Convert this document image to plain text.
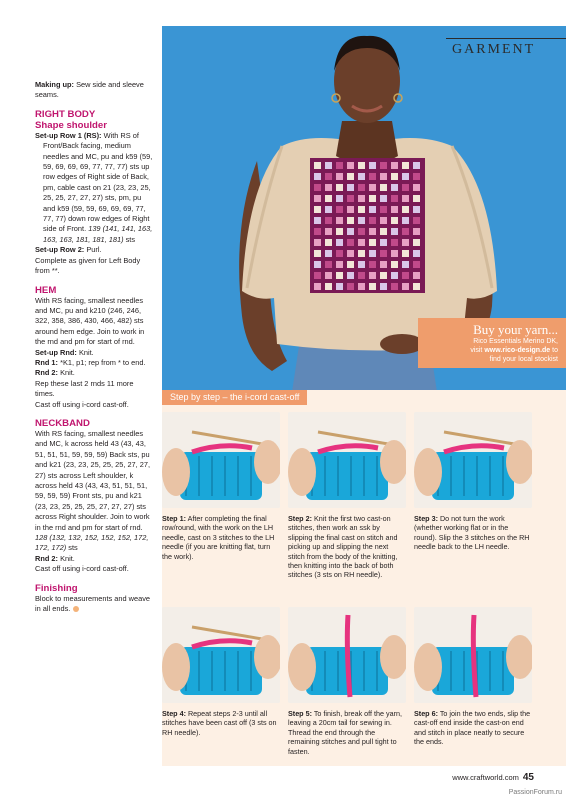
Making up: Sew side and sleeve seams.

RIGHT BODY

Shape shoulder

Set-up Row 1 (RS): With RS of Front/Back facing, medium needles and MC, pu and k59 (59, 59, 69, 69, 69, 77, 77, 77) sts up row edges of Right side of Back, pm, cable cast on 21 (23, 23, 25, 25, 25, 27, 27, 27) sts, pm, pu and k59 (59, 59, 69, 69, 69, 77, 77, 77) down row edges of Right side of Front. 139 (141, 141, 163, 163, 163, 181, 181, 181) sts

Set-up Row 2: Purl.

Complete as given for Left Body from **.

HEM

With RS facing, smallest needles and MC, pu and k210 (246, 246, 322, 358, 386, 430, 466, 482) sts around hem edge. Join to work in the rnd and pm for start of rnd.

Set-up Rnd: Knit.

Rnd 1: *K1, p1; rep from * to end.

Rnd 2: Knit.

Rep these last 2 rnds 11 more times.

Cast off using i-cord cast-off.

NECKBAND

With RS facing, smallest needles and MC, k across held 43 (43, 43, 51, 51, 51, 59, 59, 59) Back sts, pu and k21 (23, 23, 25, 25, 25, 27, 27, 27) sts across Left shoulder, k across held 43 (43, 43, 51, 51, 51, 59, 59, 59) Front sts, pu and k21 (23, 23, 25, 25, 25, 27, 27, 27) sts across Right shoulder. Join to work in the rnd and pm for start of rnd. 128 (132, 132, 152, 152, 152, 172, 172, 172) sts

Rnd 2: Knit.

Cast off using i-cord cast-off.

Finishing

Block to measurements and weave in all ends.

GARMENT
Buy your yarn...
Rico Essentials Merino DK,
visit www.rico-design.de to
find your local stockist
Step by step – the i-cord cast-off

Step 1: After completing the final row/round, with the work on the LH needle, cast on 3 stitches to the LH needle (if you are knitting flat, turn the work).

Step 2: Knit the first two cast-on stitches, then work an ssk by slipping the final cast on stitch and picking up and slipping the next stitch from the body of the knitting, then knitting into the back of both stitches (3 sts on RH needle).

Step 3: Do not turn the work (whether working flat or in the round). Slip the 3 stitches on the RH needle back to the LH needle.

Step 4: Repeat steps 2-3 until all stitches have been cast off (3 sts on RH needle).

Step 5: To finish, break off the yarn, leaving a 20cm tail for sewing in. Thread the end through the remaining stitches and pull tight to fasten.

Step 6: To join the two ends, slip the cast-off end inside the cast-on end and stitch in place neatly to secure the ends.

www.craftworld.com 45
PassionForum.ru
